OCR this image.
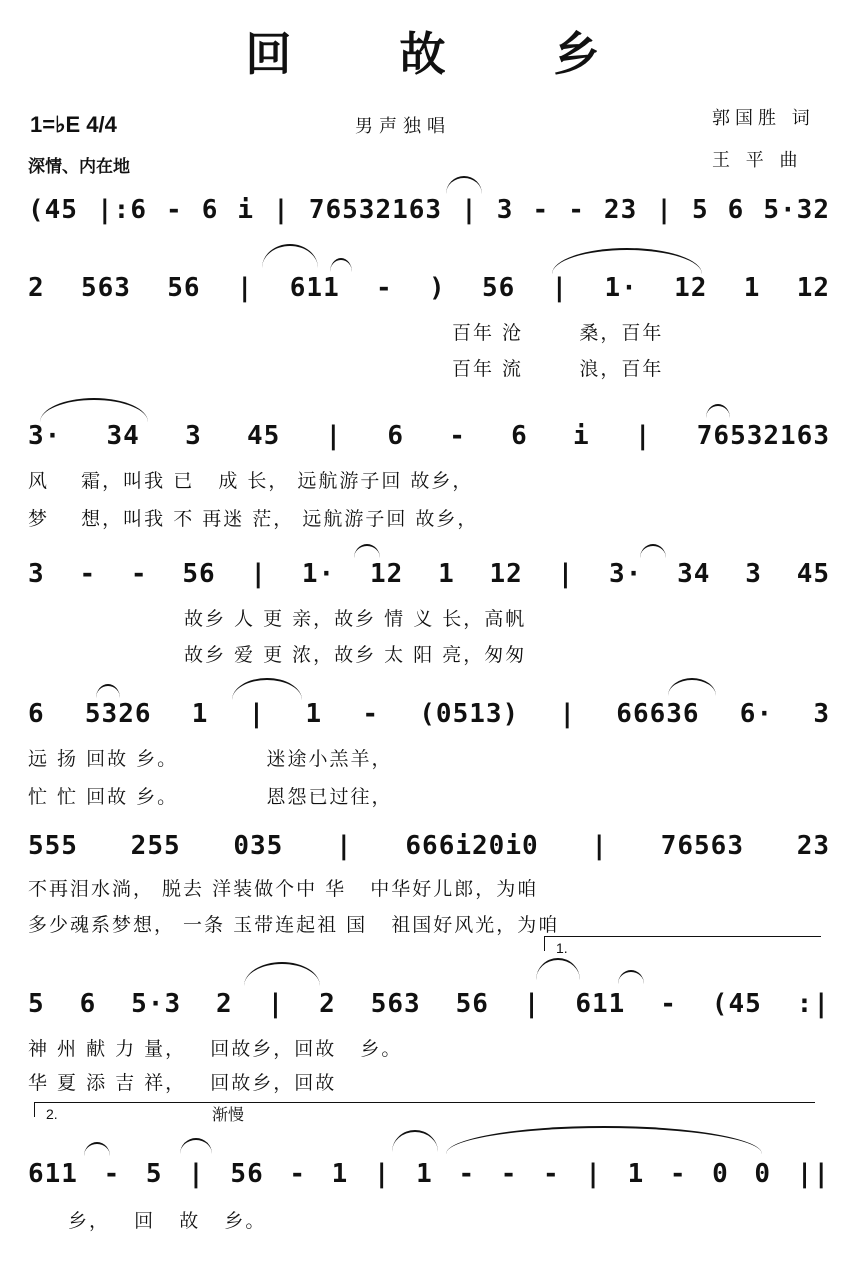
回 故 乡
1=♭E 4/4
深情、内在地
男声独唱	郭国胜 词
王 平 曲
(45 |:6 - 6 i | 76532163 | 3 - - 23 | 5 6 5·32
2 563 56 | 611 - ) 56 | 1· 12 1 12
百年 沧       桑，百年
百年 流       浪，百年
3· 34 3 45 | 6 - 6 i | 76532163
风    霜，叫我 已   成 长， 远航游子回 故乡，
梦    想，叫我 不 再迷 茫， 远航游子回 故乡，
3 - - 56 | 1· 12 1 12 | 3· 34 3 45
故乡 人 更 亲，故乡 情 义 长，高帆
故乡 爱 更 浓，故乡 太 阳 亮，匆匆
6 5326 1 | 1 - (0513) | 66636 6· 3
远 扬 回故 乡。           迷途小羔羊，
忙 忙 回故 乡。           恩怨已过往，
555 255 035 | 666i20i0 | 76563 23
不再泪水淌， 脱去 洋装做个中 华   中华好儿郎，为咱
多少魂系梦想， 一条 玉带连起祖 国   祖国好风光，为咱
1.
5 6 5·3 2 | 2 563 56 | 611 - (45 :|
神 州 献 力 量，   回故乡，回故   乡。
华 夏 添 吉 祥，   回故乡，回故
2.	渐慢
611 - 5 | 56 - 1 | 1 - - - | 1 - 0 0 ||
乡，   回   故   乡。
